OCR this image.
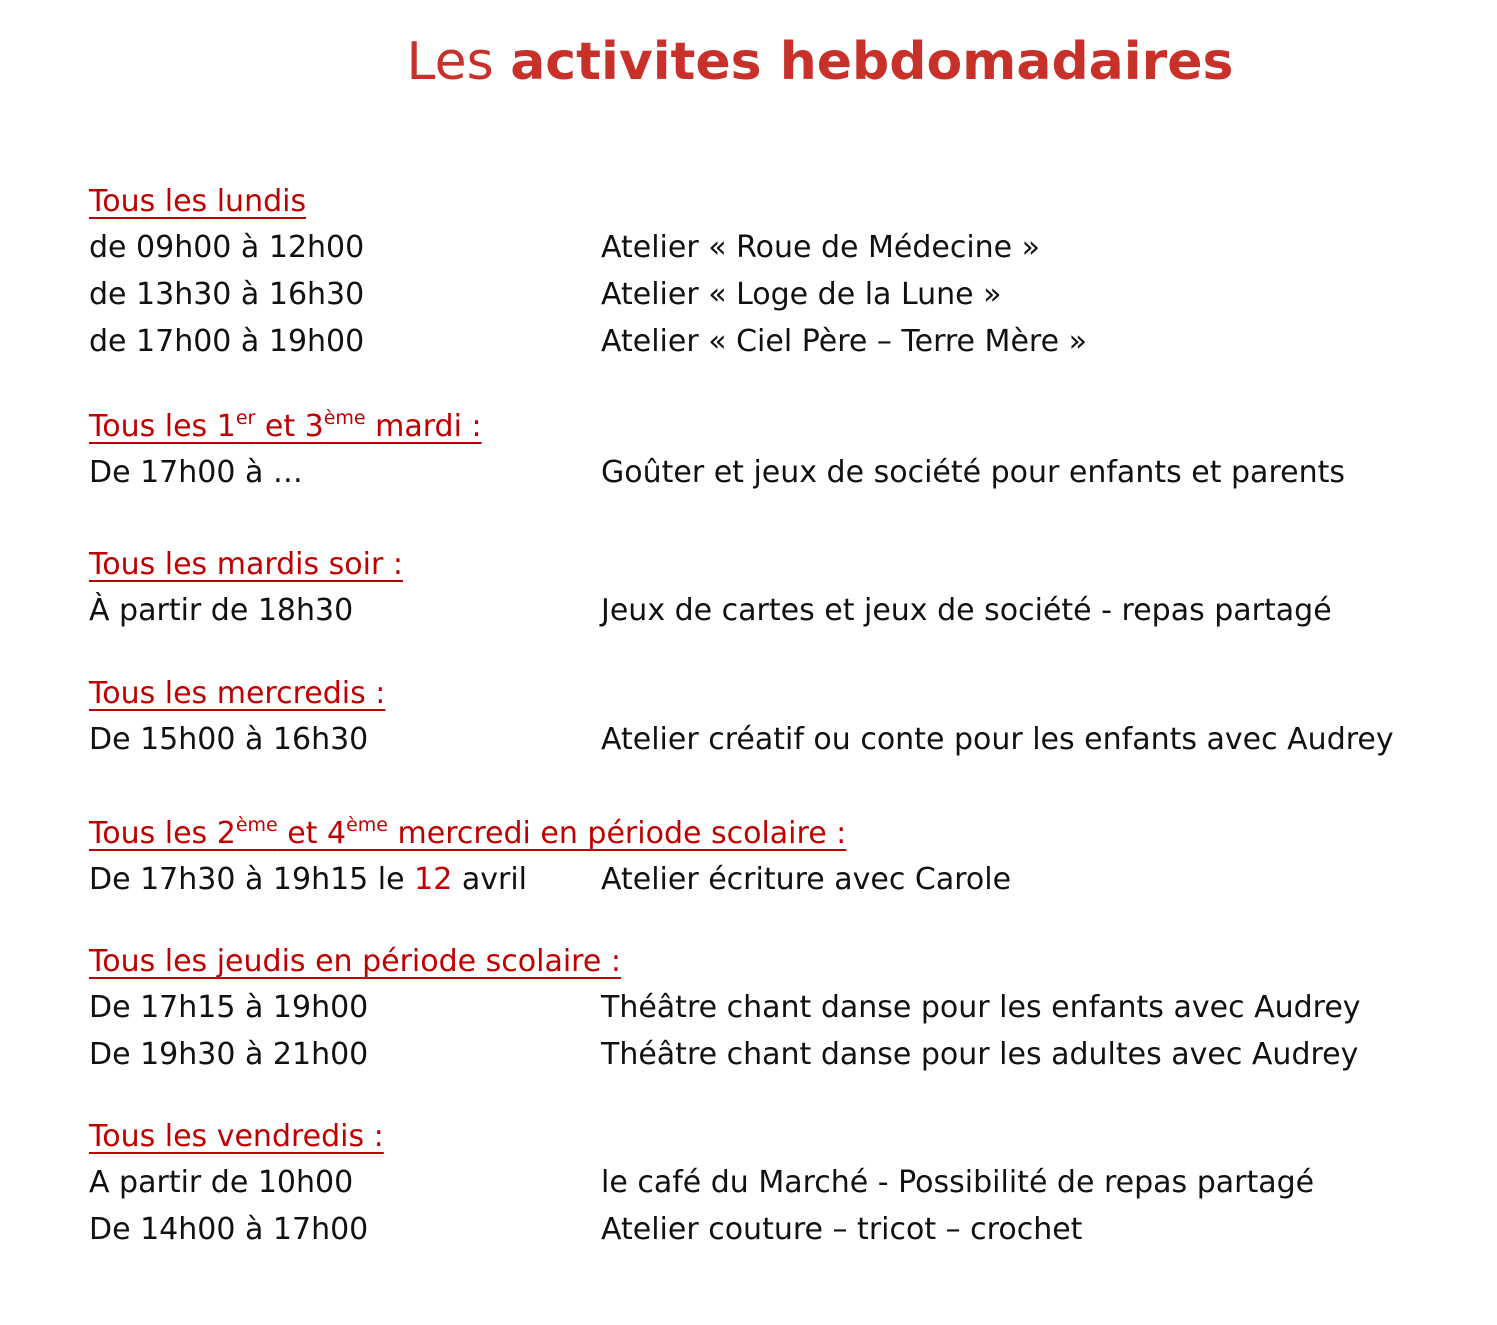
Les activites hebdomadaires
Tous les lundis
de 09h00 à 12h00	Atelier « Roue de Médecine »
de 13h30 à 16h30	Atelier « Loge de la Lune »
de 17h00 à 19h00	Atelier « Ciel Père – Terre Mère »
Tous les 1er et 3ème mardi :
De 17h00 à …	Goûter et jeux de société pour enfants et parents
Tous les mardis soir :
À partir de 18h30	Jeux de cartes et jeux de société - repas partagé
Tous les mercredis :
De 15h00 à 16h30	Atelier créatif ou conte pour les enfants avec Audrey
Tous les 2ème et 4ème mercredi en période scolaire :
De 17h30 à 19h15 le 12 avril Atelier écriture avec Carole
Tous les jeudis en période scolaire :
De 17h15 à 19h00	Théâtre chant danse pour les enfants avec Audrey
De 19h30 à 21h00	Théâtre chant danse pour les adultes avec Audrey
Tous les vendredis :
A partir de 10h00	le café du Marché - Possibilité de repas partagé
De 14h00 à 17h00	Atelier couture – tricot – crochet
